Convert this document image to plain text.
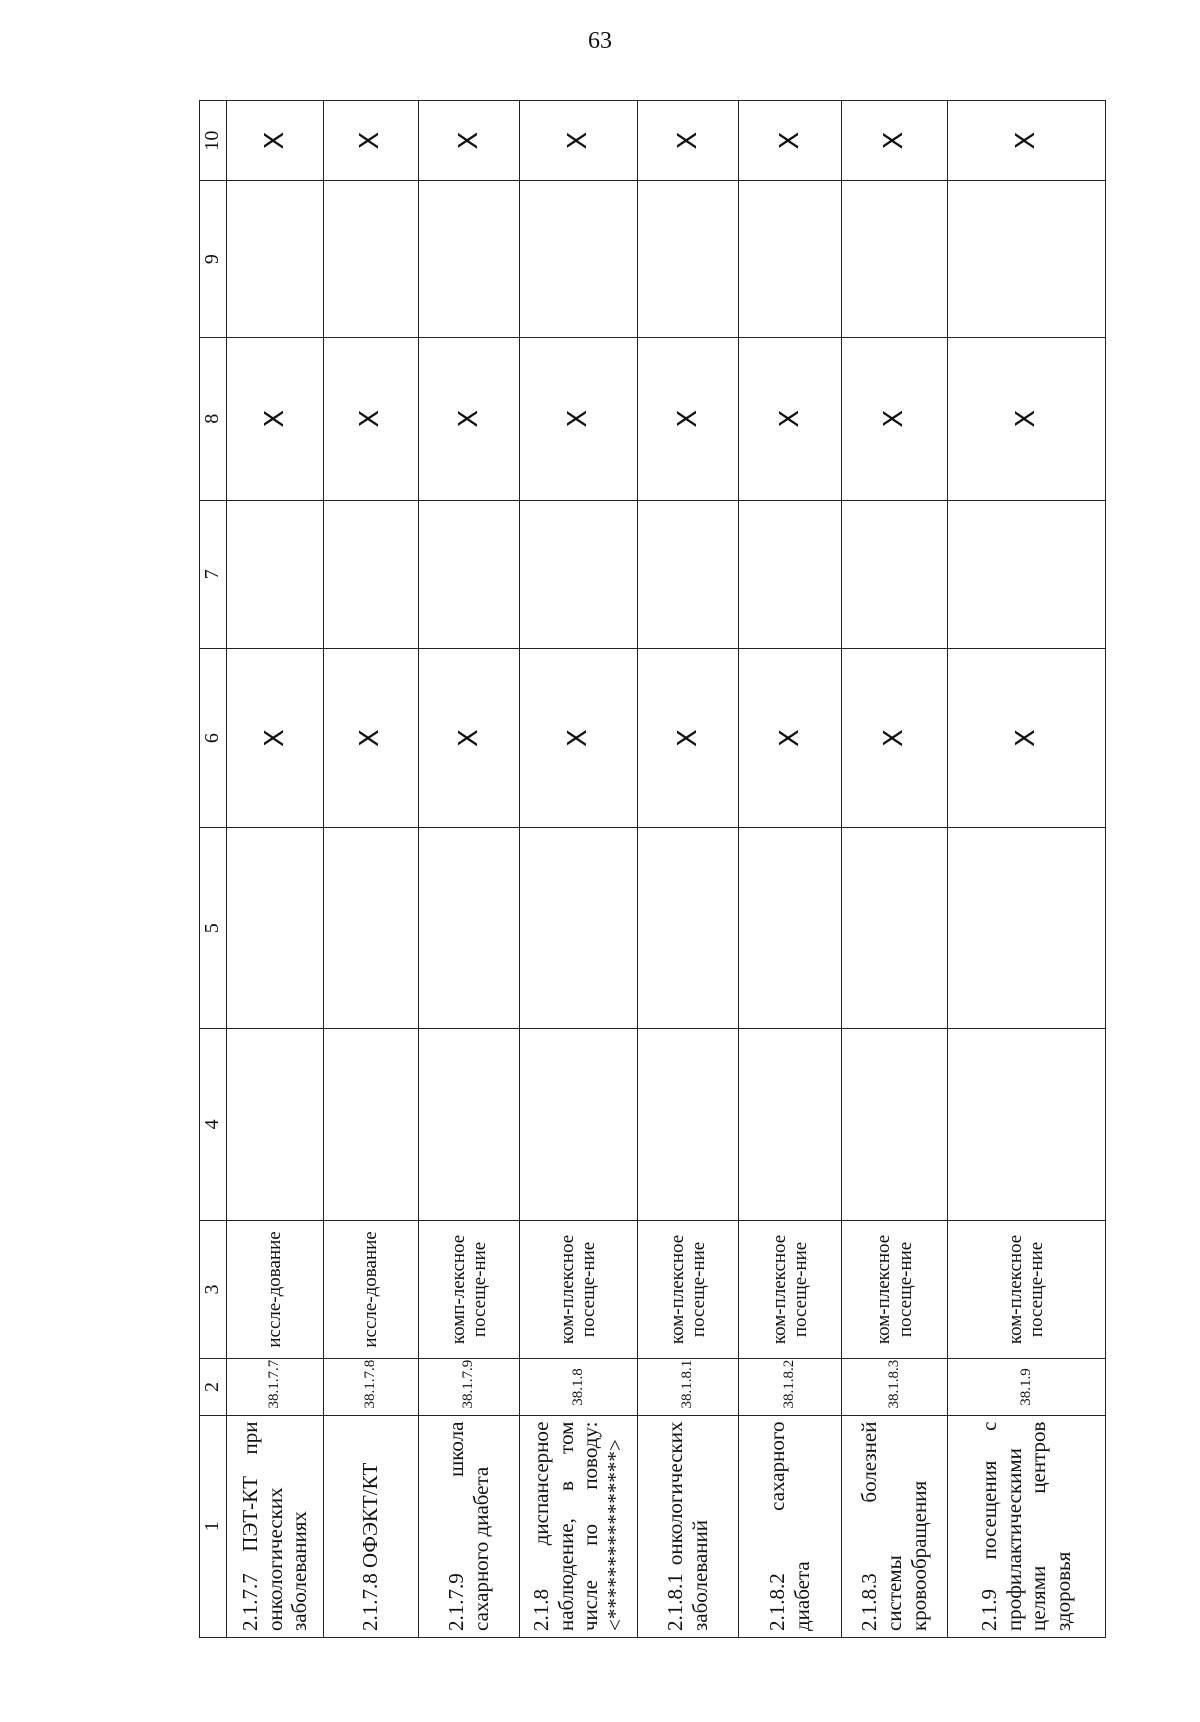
63
1	2	3	4	5	6	7	8	9	10
2.1.7.7 ПЭТ-КТ при онкологических заболеваниях	38.1.7.7	иссле-дование			X		X		X
2.1.7.8 ОФЭКТ/КТ	38.1.7.8	иссле-дование			X		X		X
2.1.7.9 школа сахарного диабета	38.1.7.9	комп-лексное посеще-ние			X		X		X
2.1.8 диспансерное наблюдение, в том числе по поводу: <****************>	38.1.8	ком-плексное посеще-ние			X		X		X
2.1.8.1 онкологических заболеваний	38.1.8.1	ком-плексное посеще-ние			X		X		X
2.1.8.2 сахарного диабета	38.1.8.2	ком-плексное посеще-ние			X		X		X
2.1.8.3 болезней системы кровообращения	38.1.8.3	ком-плексное посеще-ние			X		X		X
2.1.9 посещения с профилактическими целями центров здоровья	38.1.9	ком-плексное посеще-ние			X		X		X
